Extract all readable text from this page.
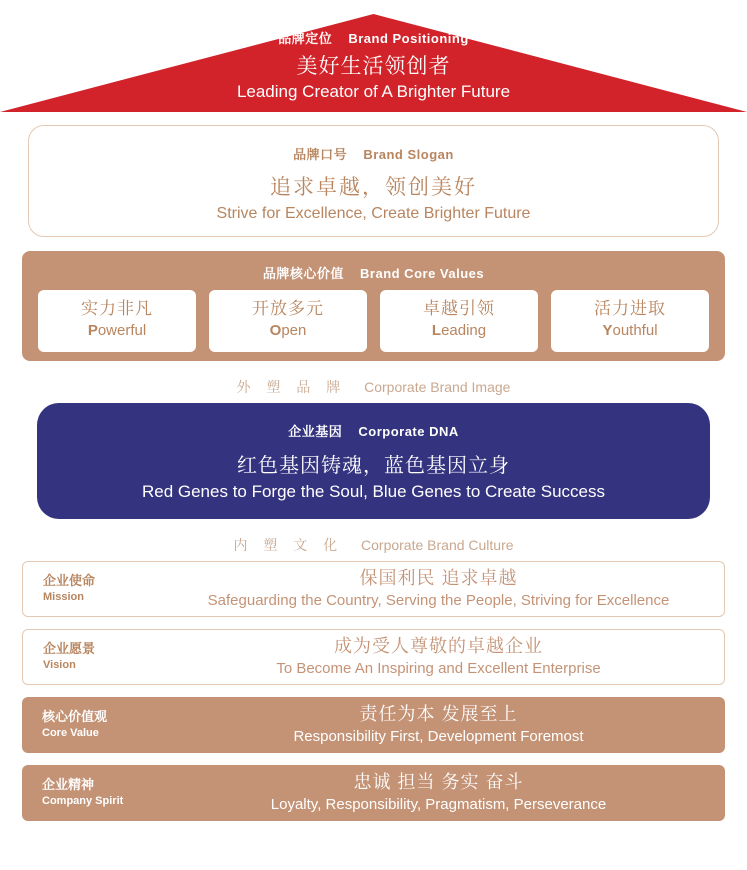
品牌定位 Brand Positioning
美好生活领创者
Leading Creator of A Brighter Future
品牌口号 Brand Slogan
追求卓越，领创美好
Strive for Excellence, Create Brighter Future
品牌核心价值 Brand Core Values
实力非凡
Powerful
开放多元
Open
卓越引领
Leading
活力进取
Youthful
外 塑 品 牌 Corporate Brand Image
企业基因 Corporate DNA
红色基因铸魂，蓝色基因立身
Red Genes to Forge the Soul, Blue Genes to Create Success
内 塑 文 化 Corporate Brand Culture
企业使命
Mission
保国利民 追求卓越
Safeguarding the Country, Serving the People, Striving for Excellence
企业愿景
Vision
成为受人尊敬的卓越企业
To Become An Inspiring and Excellent Enterprise
核心价值观
Core Value
责任为本 发展至上
Responsibility First, Development Foremost
企业精神
Company Spirit
忠诚 担当 务实 奋斗
Loyalty, Responsibility, Pragmatism, Perseverance
